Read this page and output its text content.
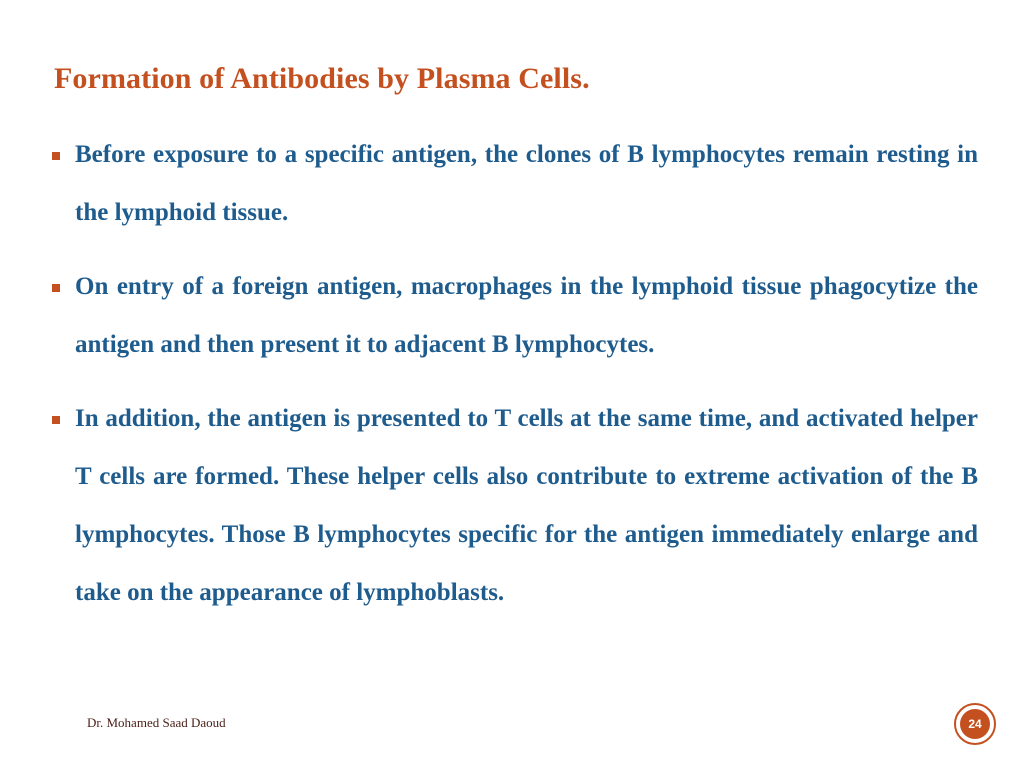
Formation of Antibodies by Plasma Cells.
Before exposure to a specific antigen, the clones of B lymphocytes remain resting in the lymphoid tissue.
On entry of a foreign antigen, macrophages in the lymphoid tissue phagocytize the antigen and then present it to adjacent B lymphocytes.
In addition, the antigen is presented to T cells at the same time, and activated helper T cells are formed. These helper cells also contribute to extreme activation of the B lymphocytes. Those B lymphocytes specific for the antigen immediately enlarge and take on the appearance of lymphoblasts.
Dr. Mohamed Saad Daoud	24
